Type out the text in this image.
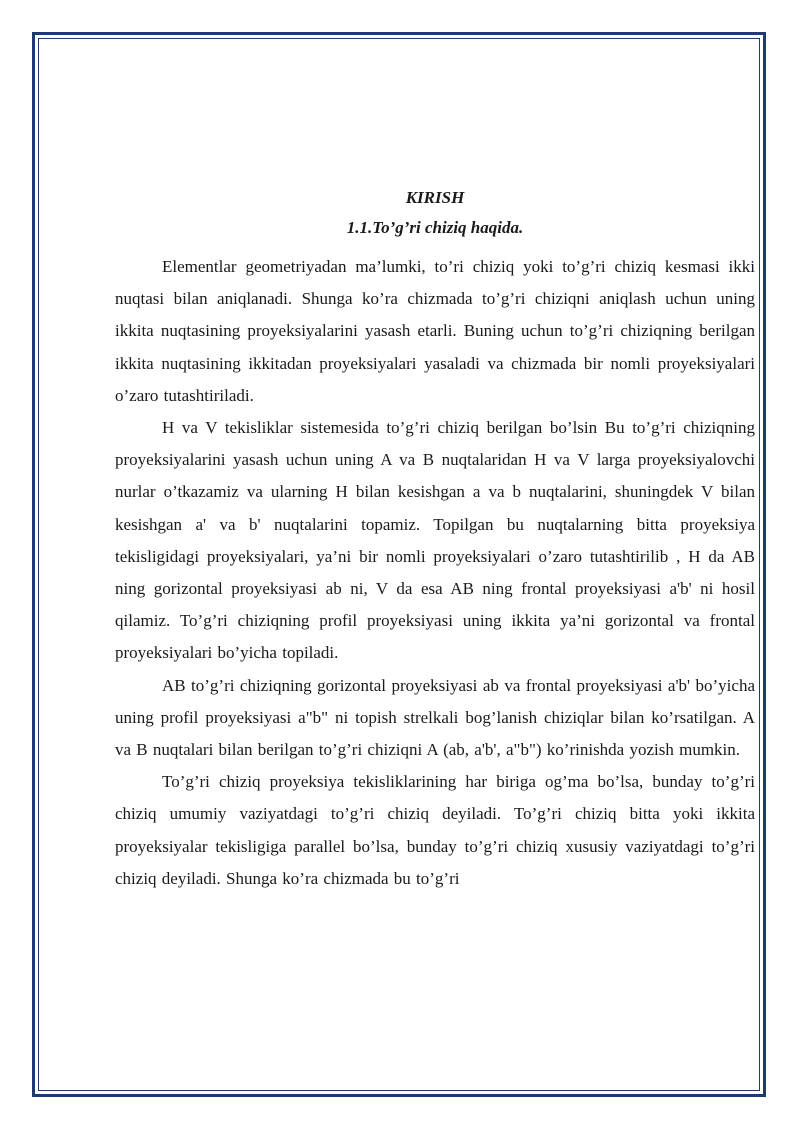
KIRISH

1.1.To’g’ri chiziq haqida.

Elementlar geometriyadan ma’lumki, to’ri chiziq yoki to’g’ri chiziq kesmasi ikki nuqtasi bilan aniqlanadi. Shunga ko’ra chizmada to’g’ri chiziqni aniqlash uchun uning ikkita nuqtasining proyeksiyalarini yasash etarli. Buning uchun to’g’ri chiziqning berilgan ikkita nuqtasining ikkitadan proyeksiyalari yasaladi va chizmada bir nomli proyeksiyalari o’zaro tutashtiriladi.

H va V tekisliklar sistemesida to’g’ri chiziq berilgan bo’lsin Bu to’g’ri chiziqning proyeksiyalarini yasash uchun uning A va B nuqtalaridan H va V larga proyeksiyalovchi nurlar o’tkazamiz va ularning H bilan kesishgan a va b nuqtalarini, shuningdek V bilan kesishgan a' va b' nuqtalarini topamiz. Topilgan bu nuqtalarning bitta proyeksiya tekisligidagi proyeksiyalari, ya’ni bir nomli proyeksiyalari o’zaro tutashtirilib , H da AB ning gorizontal proyeksiyasi ab ni, V da esa AB ning frontal proyeksiyasi a'b' ni hosil qilamiz. To’g’ri chiziqning profil proyeksiyasi uning ikkita ya’ni gorizontal va frontal proyeksiyalari bo’yicha topiladi.

AB to’g’ri chiziqning gorizontal proyeksiyasi ab va frontal proyeksiyasi a'b' bo’yicha uning profil proyeksiyasi a"b" ni topish strelkali bog’lanish chiziqlar bilan ko’rsatilgan. A va B nuqtalari bilan berilgan to’g’ri chiziqni A (ab, a'b', a"b") ko’rinishda yozish mumkin.

To’g’ri chiziq proyeksiya tekisliklarining har biriga og’ma bo’lsa, bunday to’g’ri chiziq umumiy vaziyatdagi to’g’ri chiziq deyiladi. To’g’ri chiziq bitta yoki ikkita proyeksiyalar tekisligiga parallel bo’lsa, bunday to’g’ri chiziq xususiy vaziyatdagi to’g’ri chiziq deyiladi. Shunga ko’ra chizmada bu to’g’ri
